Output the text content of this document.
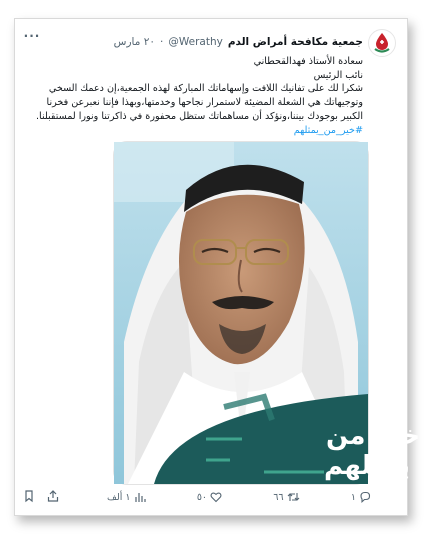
جمعية مكافحة أمراض الدم
@Werathy
·
٢٠ مارس
···
سعادة الأستاذ فهدالقحطاني
نائب الرئيس
شكرا لك على تفانيك اللافت وإسهاماتك المباركة لهذه الجمعية،إن دعمك السخي
وتوجيهاتك هي الشعلة المضيئة لاستمرار نجاحها وخدمتها،وبهذا فإننا نعبرعن فخرنا
الكبير بوجودك بيننا،ونؤكد أن مساهماتك ستظل محفورة في ذاكرتنا ونورا لمستقبلنا.
#خير_من_يمثلهم
خير من
يمثلهم
١
٦٦
٥٠
١ ألف
